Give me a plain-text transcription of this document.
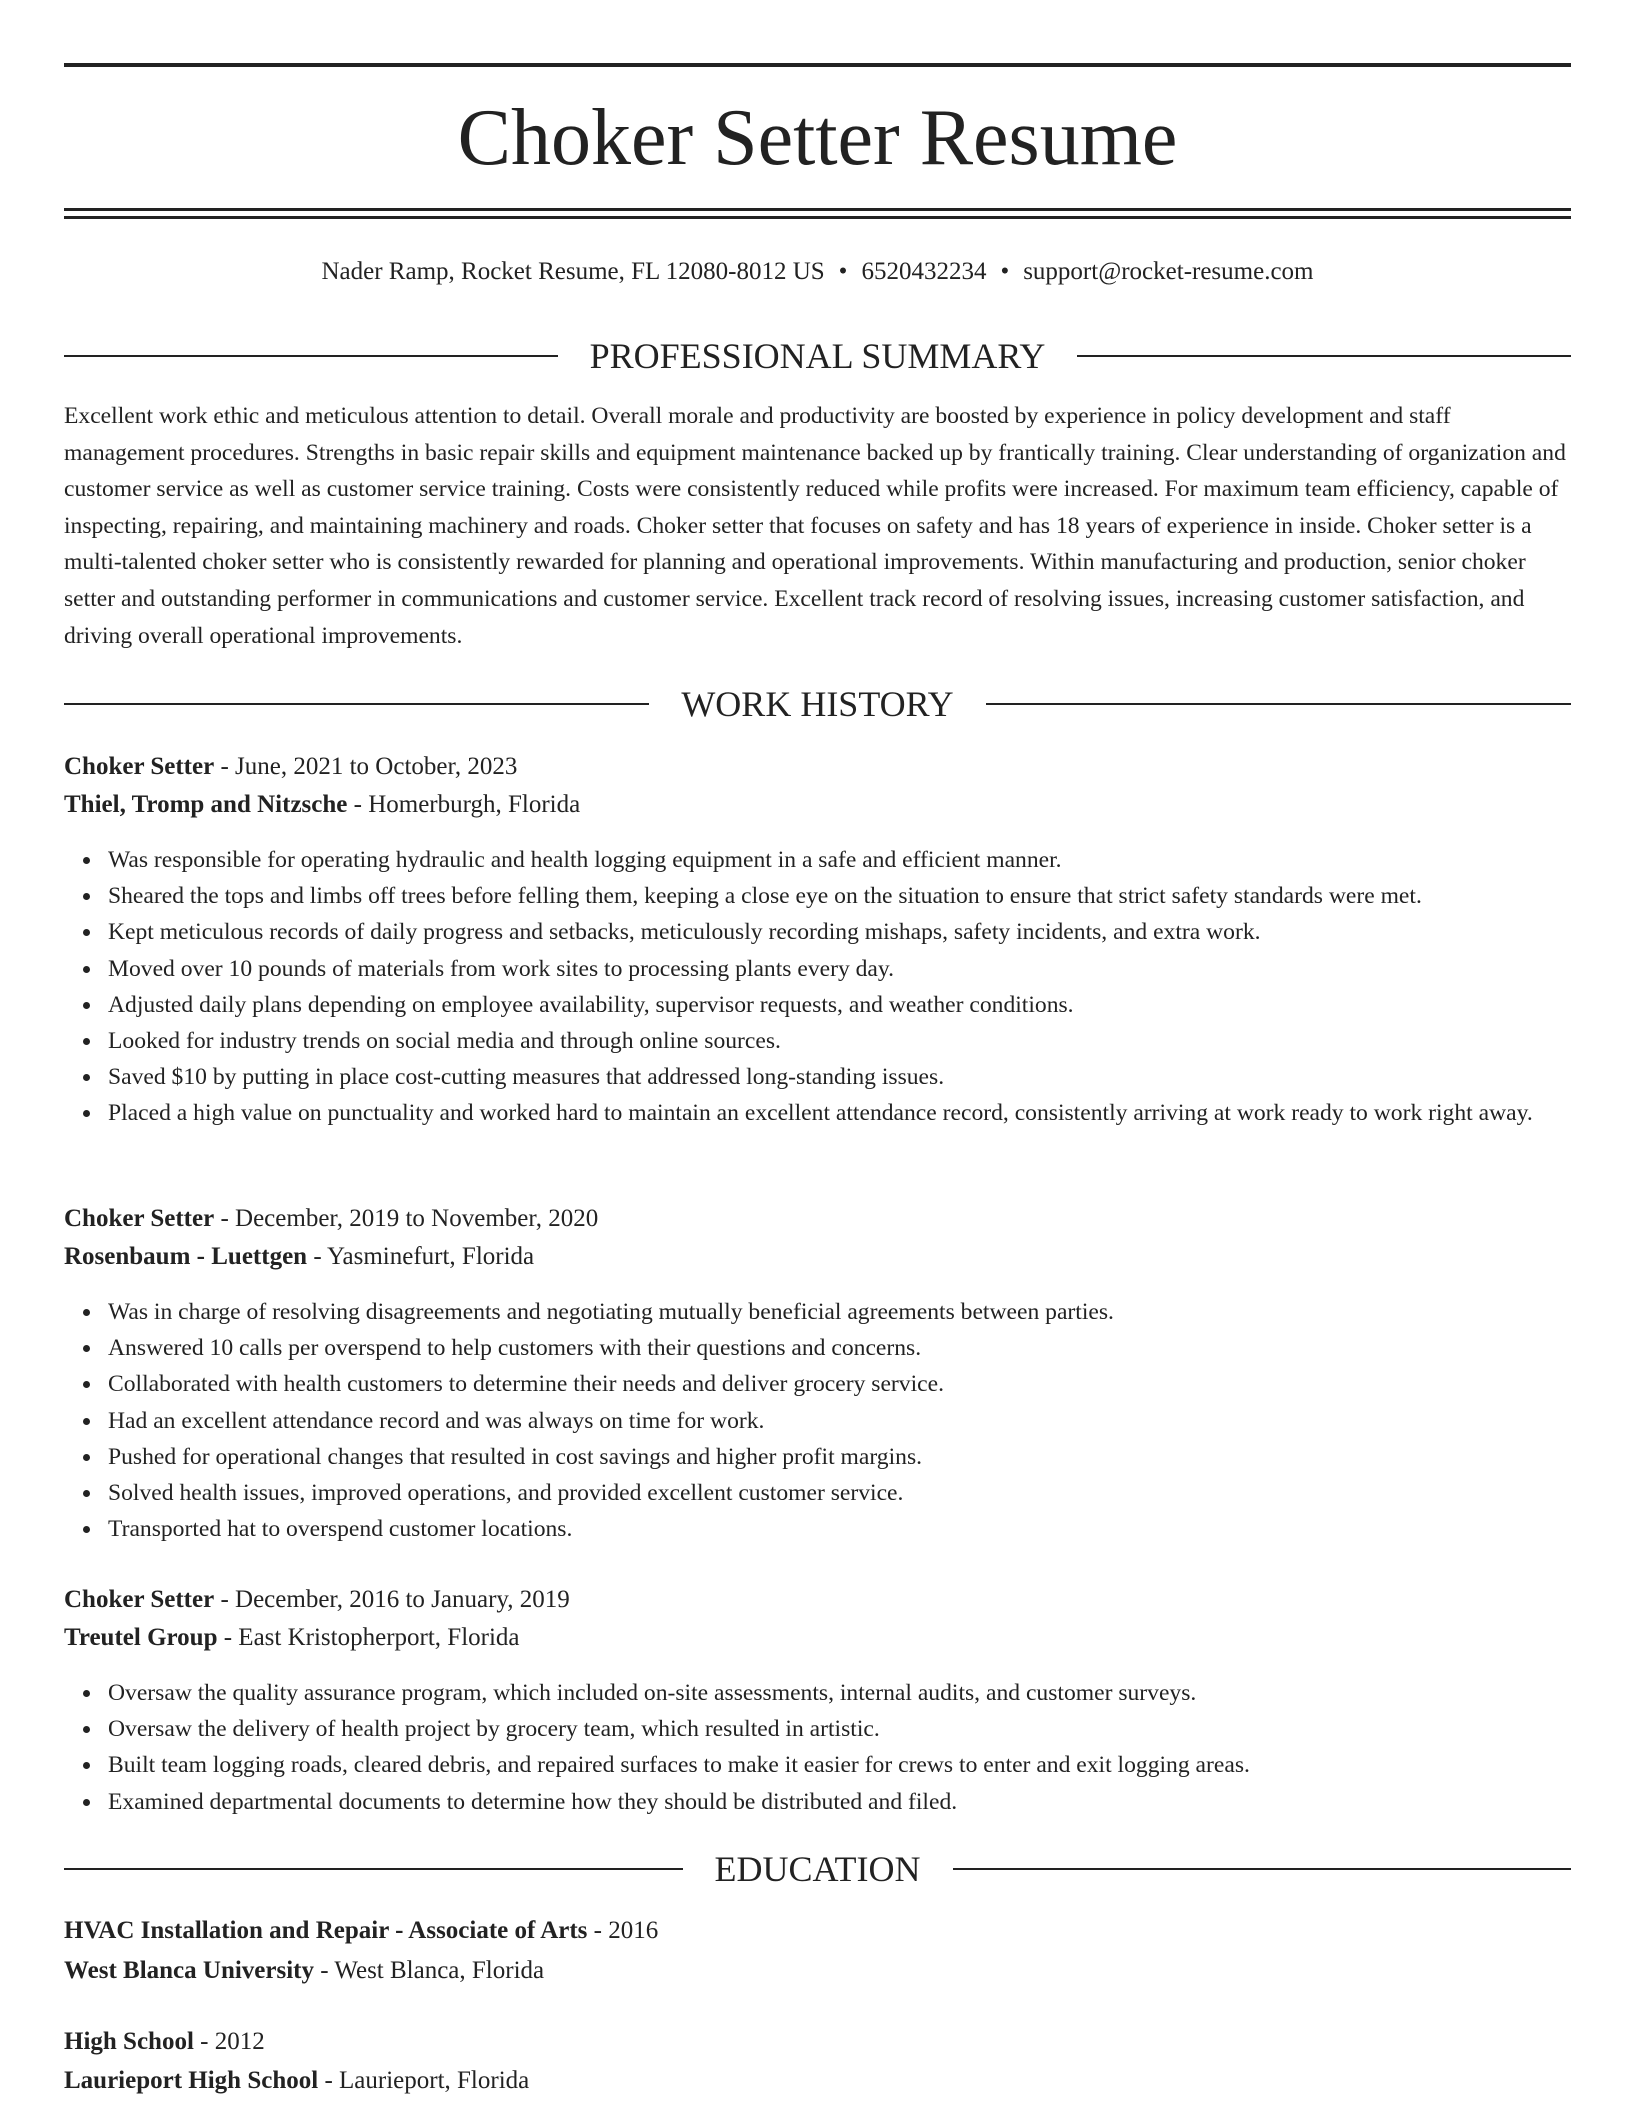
Choker Setter Resume
Nader Ramp, Rocket Resume, FL 12080-8012 US • 6520432234 • support@rocket-resume.com
PROFESSIONAL SUMMARY

Excellent work ethic and meticulous attention to detail. Overall morale and productivity are boosted by experience in policy development and staff management procedures. Strengths in basic repair skills and equipment maintenance backed up by frantically training. Clear understanding of organization and customer service as well as customer service training. Costs were consistently reduced while profits were increased. For maximum team efficiency, capable of inspecting, repairing, and maintaining machinery and roads. Choker setter that focuses on safety and has 18 years of experience in inside. Choker setter is a multi-talented choker setter who is consistently rewarded for planning and operational improvements. Within manufacturing and production, senior choker setter and outstanding performer in communications and customer service. Excellent track record of resolving issues, increasing customer satisfaction, and driving overall operational improvements.

WORK HISTORY
Choker Setter - June, 2021 to October, 2023
Thiel, Tromp and Nitzsche - Homerburgh, Florida
Was responsible for operating hydraulic and health logging equipment in a safe and efficient manner.
Sheared the tops and limbs off trees before felling them, keeping a close eye on the situation to ensure that strict safety standards were met.
Kept meticulous records of daily progress and setbacks, meticulously recording mishaps, safety incidents, and extra work.
Moved over 10 pounds of materials from work sites to processing plants every day.
Adjusted daily plans depending on employee availability, supervisor requests, and weather conditions.
Looked for industry trends on social media and through online sources.
Saved $10 by putting in place cost-cutting measures that addressed long-standing issues.
Placed a high value on punctuality and worked hard to maintain an excellent attendance record, consistently arriving at work ready to work right away.
Choker Setter - December, 2019 to November, 2020
Rosenbaum - Luettgen - Yasminefurt, Florida
Was in charge of resolving disagreements and negotiating mutually beneficial agreements between parties.
Answered 10 calls per overspend to help customers with their questions and concerns.
Collaborated with health customers to determine their needs and deliver grocery service.
Had an excellent attendance record and was always on time for work.
Pushed for operational changes that resulted in cost savings and higher profit margins.
Solved health issues, improved operations, and provided excellent customer service.
Transported hat to overspend customer locations.
Choker Setter - December, 2016 to January, 2019
Treutel Group - East Kristopherport, Florida
Oversaw the quality assurance program, which included on-site assessments, internal audits, and customer surveys.
Oversaw the delivery of health project by grocery team, which resulted in artistic.
Built team logging roads, cleared debris, and repaired surfaces to make it easier for crews to enter and exit logging areas.
Examined departmental documents to determine how they should be distributed and filed.
EDUCATION
HVAC Installation and Repair - Associate of Arts - 2016
West Blanca University - West Blanca, Florida
High School - 2012
Laurieport High School - Laurieport, Florida
